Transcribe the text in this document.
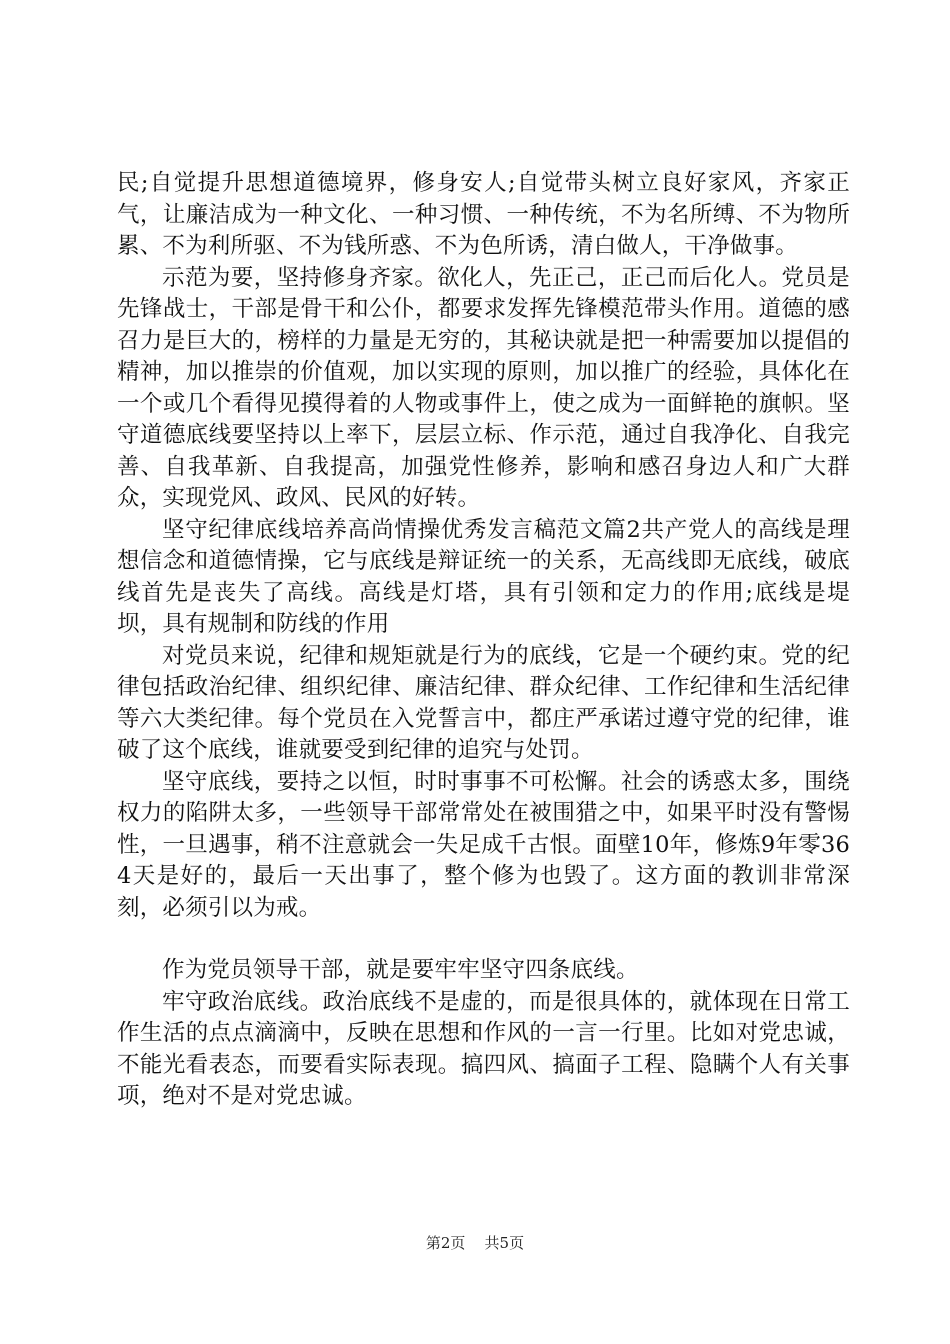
民;自觉提升思想道德境界，修身安人;自觉带头树立良好家风，齐家正气，让廉洁成为一种文化、一种习惯、一种传统，不为名所缚、不为物所累、不为利所驱、不为钱所惑、不为色所诱，清白做人，干净做事。

示范为要，坚持修身齐家。欲化人，先正己，正己而后化人。党员是先锋战士，干部是骨干和公仆，都要求发挥先锋模范带头作用。道德的感召力是巨大的，榜样的力量是无穷的，其秘诀就是把一种需要加以提倡的精神，加以推崇的价值观，加以实现的原则，加以推广的经验，具体化在一个或几个看得见摸得着的人物或事件上，使之成为一面鲜艳的旗帜。坚守道德底线要坚持以上率下，层层立标、作示范，通过自我净化、自我完善、自我革新、自我提高，加强党性修养，影响和感召身边人和广大群众，实现党风、政风、民风的好转。

坚守纪律底线培养高尚情操优秀发言稿范文篇2共产党人的高线是理想信念和道德情操，它与底线是辩证统一的关系，无高线即无底线，破底线首先是丧失了高线。高线是灯塔，具有引领和定力的作用;底线是堤坝，具有规制和防线的作用

对党员来说，纪律和规矩就是行为的底线，它是一个硬约束。党的纪律包括政治纪律、组织纪律、廉洁纪律、群众纪律、工作纪律和生活纪律等六大类纪律。每个党员在入党誓言中，都庄严承诺过遵守党的纪律，谁破了这个底线，谁就要受到纪律的追究与处罚。

坚守底线，要持之以恒，时时事事不可松懈。社会的诱惑太多，围绕权力的陷阱太多，一些领导干部常常处在被围猎之中，如果平时没有警惕性，一旦遇事，稍不注意就会一失足成千古恨。面壁10年，修炼9年零364天是好的，最后一天出事了，整个修为也毁了。这方面的教训非常深刻，必须引以为戒。

作为党员领导干部，就是要牢牢坚守四条底线。

牢守政治底线。政治底线不是虚的，而是很具体的，就体现在日常工作生活的点点滴滴中，反映在思想和作风的一言一行里。比如对党忠诚，不能光看表态，而要看实际表现。搞四风、搞面子工程、隐瞒个人有关事项，绝对不是对党忠诚。

第2页 共5页
